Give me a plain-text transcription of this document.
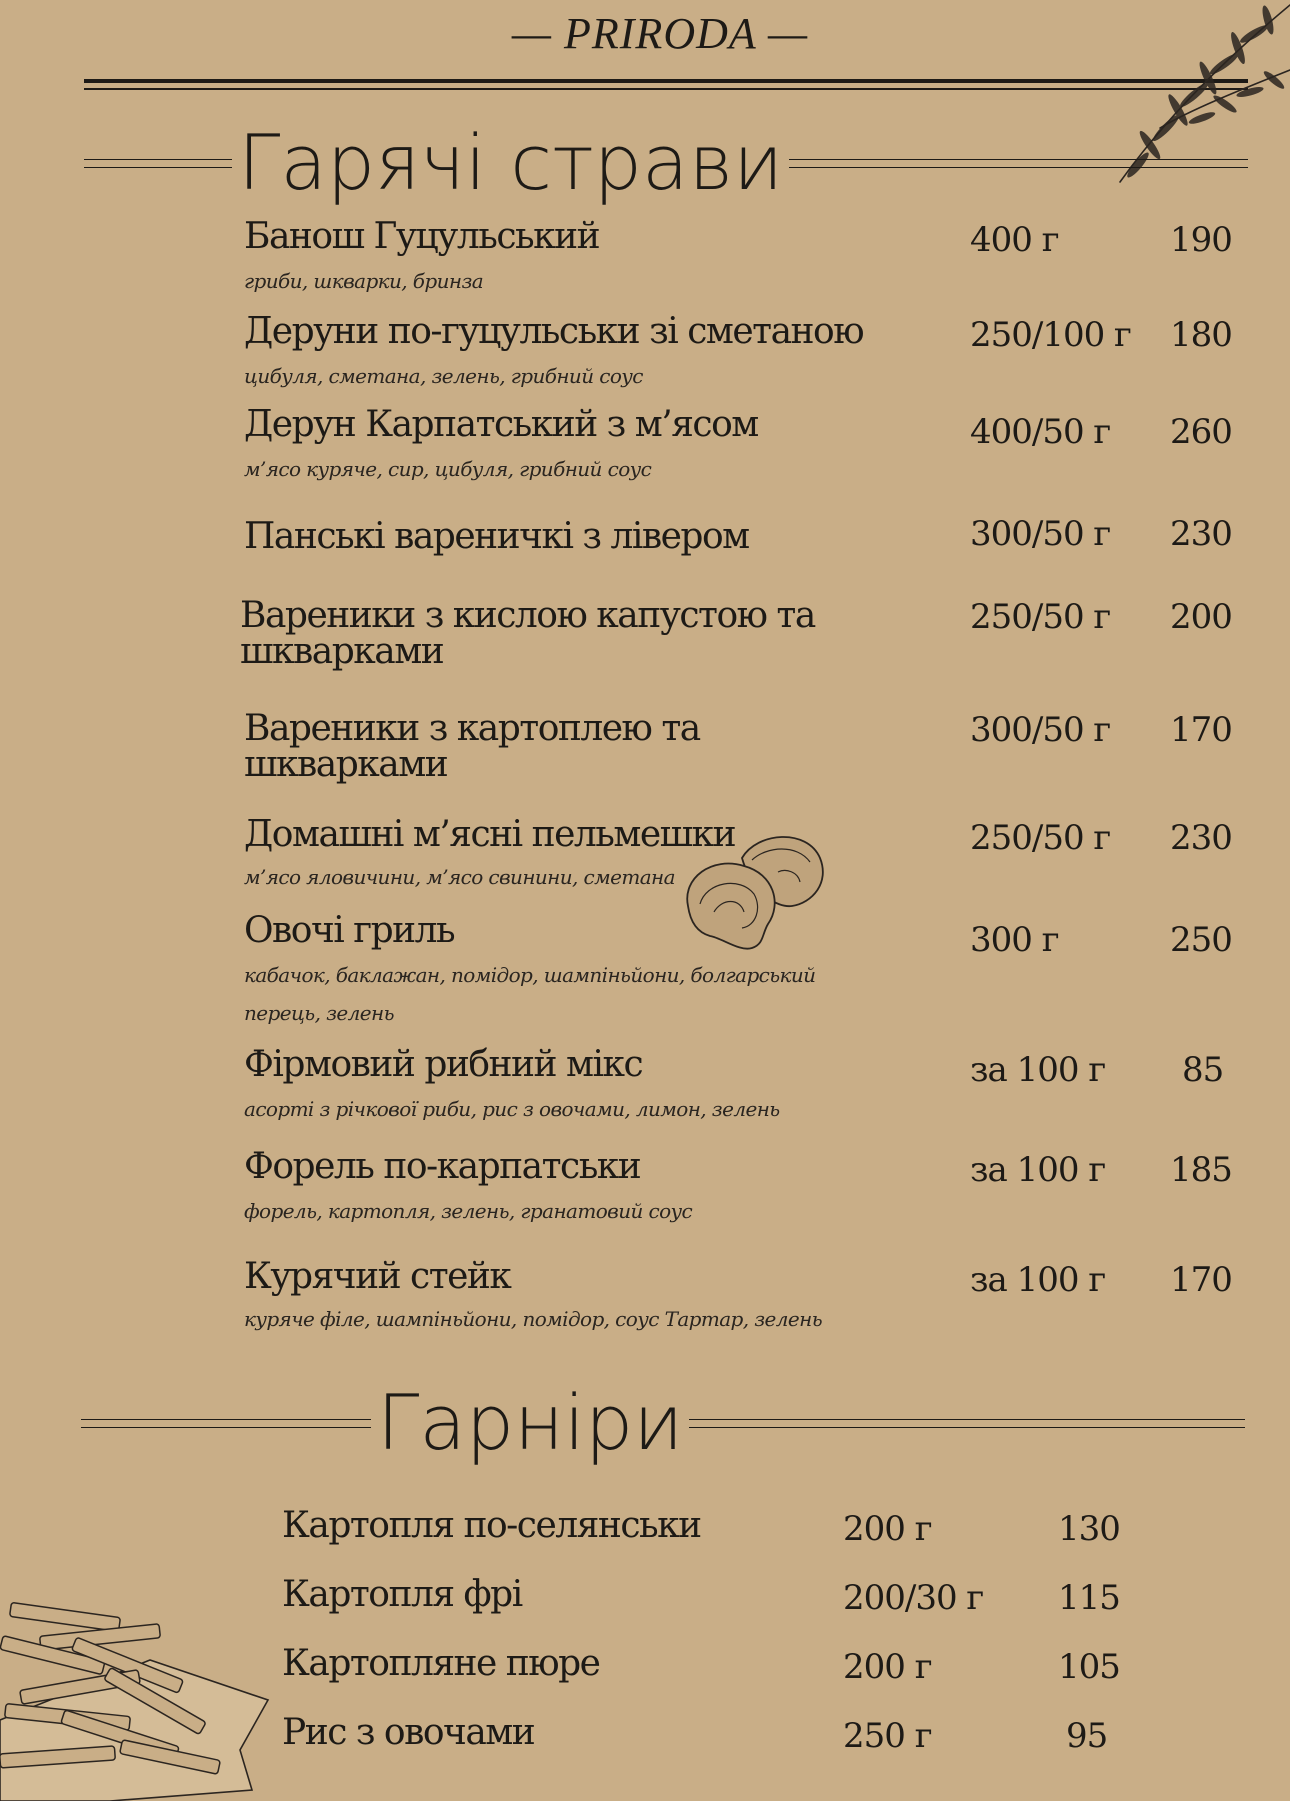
— PRIRODA —
Гарячі страви
Банош Гуцульський
гриби, шкварки, бринза
400 г	190
Деруни по-гуцульськи зі сметаною
цибуля, сметана, зелень, грибний соус
250/100 г 180
Дерун Карпатський з м’ясом
м’ясо куряче, сир, цибуля, грибний соус
400/50 г 260
Панські вареничкі з лівером	300/50 г 230
Вареники з кислою капустою та
шкварками
250/50 г 200
Вареники з картоплею та
шкварками
300/50 г 170
Домашні м’ясні пельмешки
м’ясо яловичини, м’ясо свинини, сметана
250/50 г 230
Овочі гриль
кабачок, баклажан, помідор, шампіньйони, болгарський
перець, зелень
300 г	250
Фірмовий рибний мікс
асорті з річкової риби, рис з овочами, лимон, зелень
за 100 г 85
Форель по-карпатськи
форель, картопля, зелень, гранатовий соус
за 100 г 185
Курячий стейк
куряче філе, шампіньйони, помідор, соус Тартар, зелень
за 100 г 170
Гарніри
Картопля по-селянськи	200 г	130
Картопля фрі	200/30 г 115
Картопляне пюре	200 г	105
Рис з овочами	250 г	95
